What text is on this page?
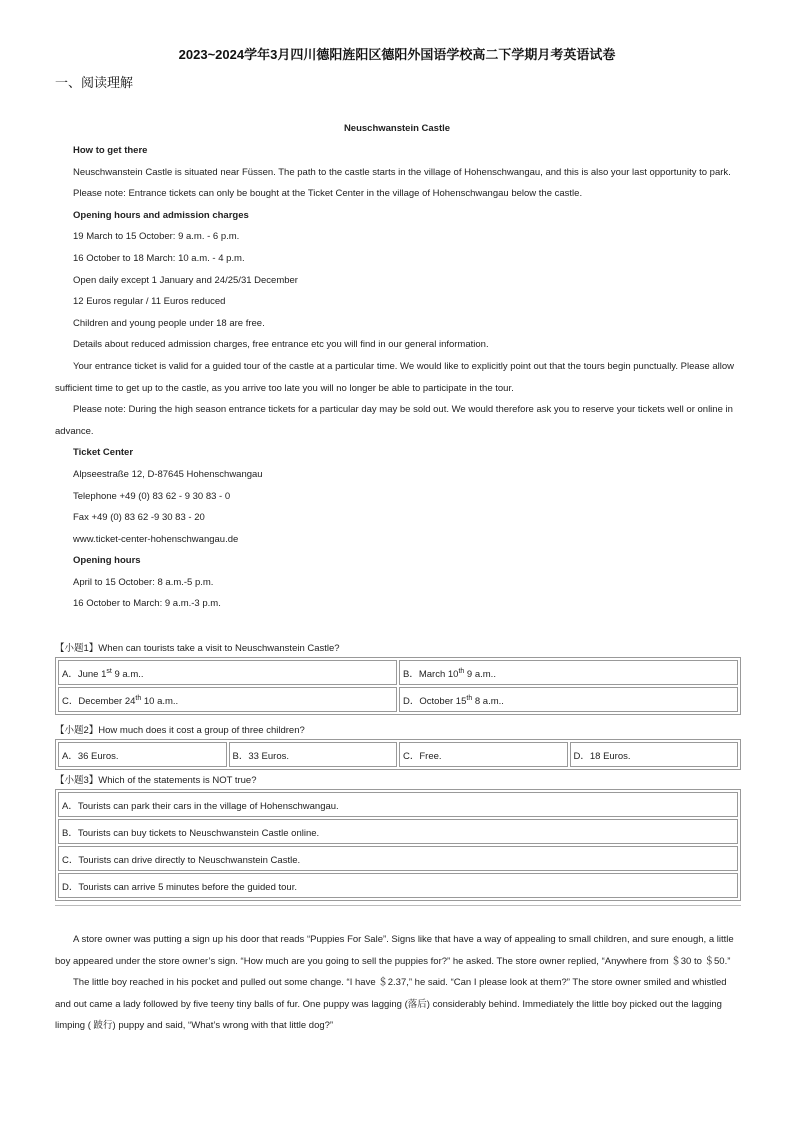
2023~2024学年3月四川德阳旌阳区德阳外国语学校高二下学期月考英语试卷
一、阅读理解
Neuschwanstein Castle

How to get there

Neuschwanstein Castle is situated near Füssen. The path to the castle starts in the village of Hohenschwangau, and this is also your last opportunity to park.

Please note: Entrance tickets can only be bought at the Ticket Center in the village of Hohenschwangau below the castle.

Opening hours and admission charges

19 March to 15 October: 9 a.m. - 6 p.m.

16 October to 18 March: 10 a.m. - 4 p.m.

Open daily except 1 January and 24/25/31 December

12 Euros regular / 11 Euros reduced

Children and young people under 18 are free.

Details about reduced admission charges, free entrance etc you will find in our general information.

Your entrance ticket is valid for a guided tour of the castle at a particular time. We would like to explicitly point out that the tours begin punctually. Please allow sufficient time to get up to the castle, as you arrive too late you will no longer be able to participate in the tour.

Please note: During the high season entrance tickets for a particular day may be sold out. We would therefore ask you to reserve your tickets well or online in advance.

Ticket Center

Alpseestraße 12, D-87645 Hohenschwangau

Telephone +49 (0) 83 62 - 9 30 83 - 0

Fax +49 (0) 83 62 -9 30 83 - 20

www.ticket-center-hohenschwangau.de

Opening hours

April to 15 October: 8 a.m.-5 p.m.

16 October to March: 9 a.m.-3 p.m.

【小题1】When can tourists take a visit to Neuschwanstein Castle?
A．June 1st 9 a.m..	B．March 10th 9 a.m..
C．December 24th 10 a.m..	D．October 15th 8 a.m..
【小题2】How much does it cost a group of three children?
A．36 Euros.	B．33 Euros.	C．Free.	D．18 Euros.
【小题3】Which of the statements is NOT true?
A．Tourists can park their cars in the village of Hohenschwangau.
B．Tourists can buy tickets to Neuschwanstein Castle online.
C．Tourists can drive directly to Neuschwanstein Castle.
D．Tourists can arrive 5 minutes before the guided tour.

A store owner was putting a sign up his door that reads “Puppies For Sale”. Signs like that have a way of appealing to small children, and sure enough, a little boy appeared under the store owner’s sign. “How much are you going to sell the puppies for?” he asked. The store owner replied, “Anywhere from ＄30 to ＄50.”

The little boy reached in his pocket and pulled out some change. “I have ＄2.37,” he said. “Can I please look at them?” The store owner smiled and whistled and out came a lady followed by five teeny tiny balls of fur. One puppy was lagging (落后) considerably behind. Immediately the little boy picked out the lagging limping ( 跛行) puppy and said, “What’s wrong with that little dog?”
